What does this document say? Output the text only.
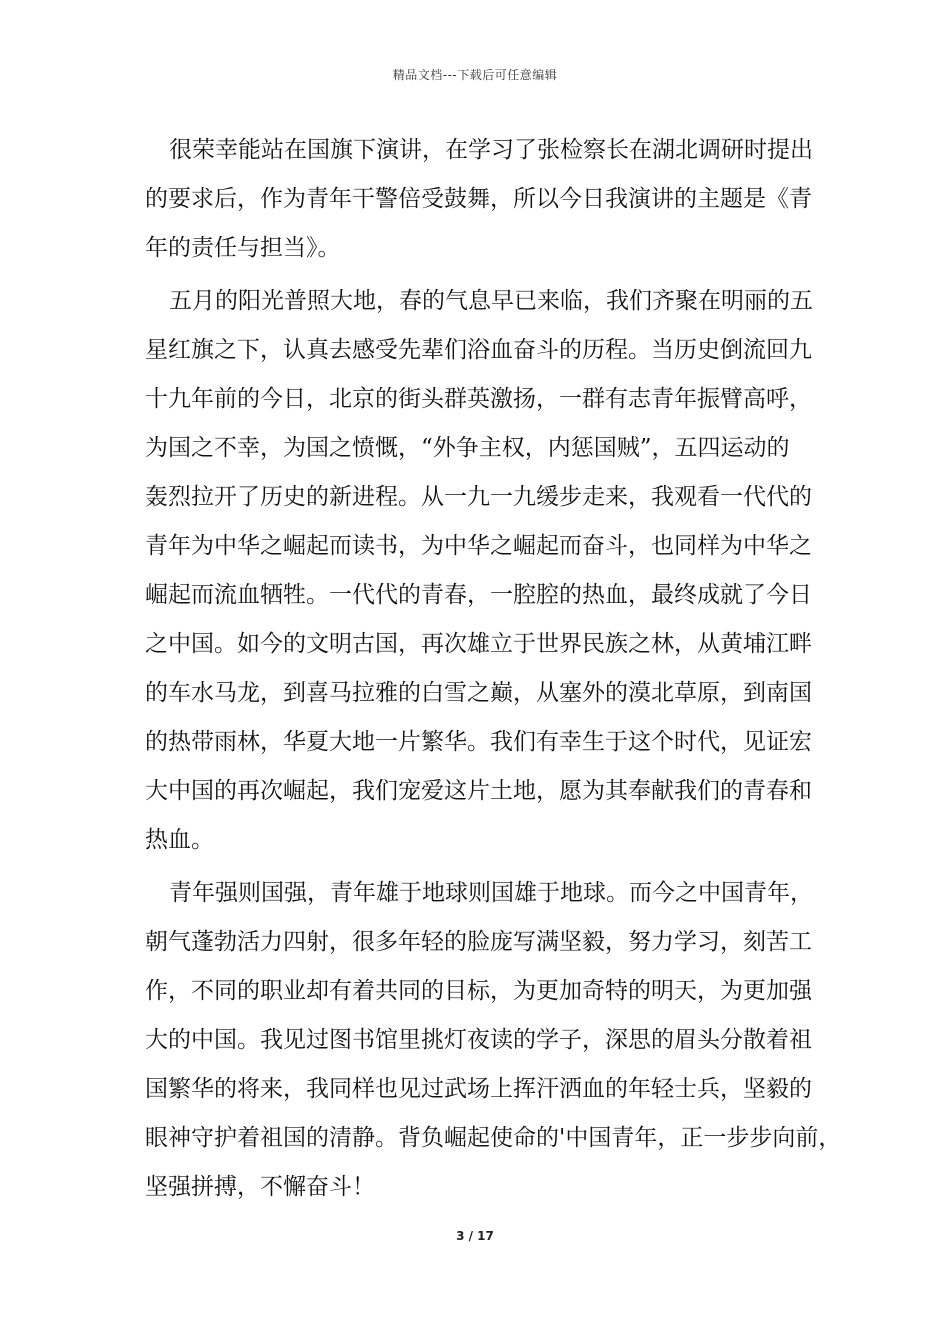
精品文档---下载后可任意编辑

很荣幸能站在国旗下演讲，在学习了张检察长在湖北调研时提出
的要求后，作为青年干警倍受鼓舞，所以今日我演讲的主题是《青
年的责任与担当》。

五月的阳光普照大地，春的气息早已来临，我们齐聚在明丽的五
星红旗之下，认真去感受先辈们浴血奋斗的历程。当历史倒流回九
十九年前的今日，北京的街头群英激扬，一群有志青年振臂高呼，
为国之不幸，为国之愤慨，“外争主权，内惩国贼”，五四运动的
轰烈拉开了历史的新进程。从一九一九缓步走来，我观看一代代的
青年为中华之崛起而读书，为中华之崛起而奋斗，也同样为中华之
崛起而流血牺牲。一代代的青春，一腔腔的热血，最终成就了今日
之中国。如今的文明古国，再次雄立于世界民族之林，从黄埔江畔
的车水马龙，到喜马拉雅的白雪之巅，从塞外的漠北草原，到南国
的热带雨林，华夏大地一片繁华。我们有幸生于这个时代，见证宏
大中国的再次崛起，我们宠爱这片土地，愿为其奉献我们的青春和
热血。

青年强则国强，青年雄于地球则国雄于地球。而今之中国青年，
朝气蓬勃活力四射，很多年轻的脸庞写满坚毅，努力学习，刻苦工
作，不同的职业却有着共同的目标，为更加奇特的明天，为更加强
大的中国。我见过图书馆里挑灯夜读的学子，深思的眉头分散着祖
国繁华的将来，我同样也见过武场上挥汗洒血的年轻士兵，坚毅的
眼神守护着祖国的清静。背负崛起使命的'中国青年，正一步步向前，
坚强拼搏，不懈奋斗！

3 / 17
